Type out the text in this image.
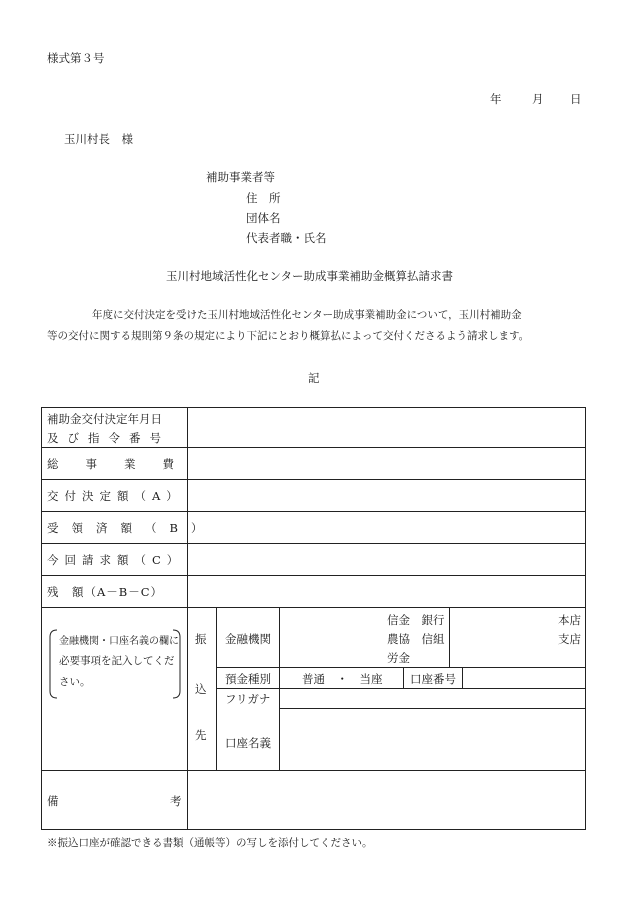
様式第３号
年	月 日
玉川村長　様
補助事業者等
住　所
団体名
代表者職・氏名
玉川村地域活性化センター助成事業補助金概算払請求書
年度に交付決定を受けた玉川村地域活性化センター助成事業補助金について，玉川村補助金
等の交付に関する規則第９条の規定により下記にとおり概算払によって交付くださるよう請求します。
記
補助金交付決定年月日
及び指令番号
総事業費
交付決定額（A）
受領済額（B）
今回請求額（C）
残　額（A－B－C）
金融機関・口座名義の欄に
必要事項を記入してくだ
さい。
振
込
先
金融機関
信金　銀行
農協　信組
労金
本店
支店
預金種別	普通　・　当座 口座番号
フリガナ
口座名義
備	考
※振込口座が確認できる書類（通帳等）の写しを添付してください。
